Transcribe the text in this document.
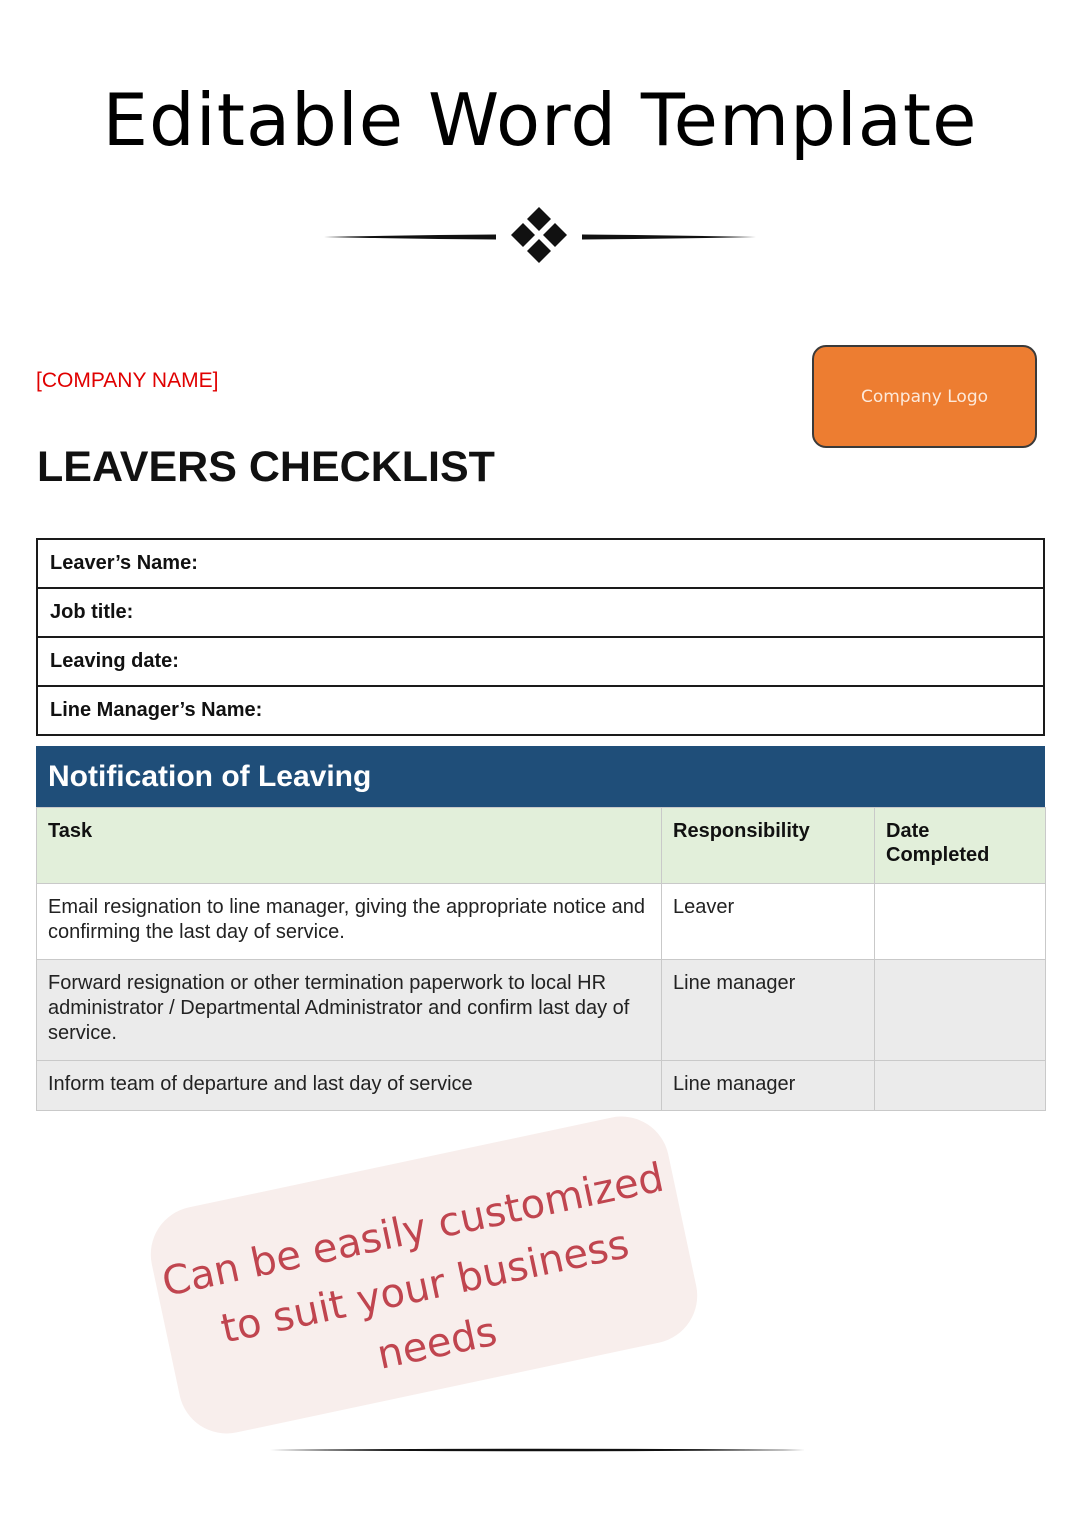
Editable Word Template
[COMPANY NAME]
Company Logo
LEAVERS CHECKLIST
Leaver’s Name:
Job title:
Leaving date:
Line Manager’s Name:
Notification of Leaving
Task	Responsibility	Date Completed
Email resignation to line manager, giving the appropriate notice and confirming the last day of service.	Leaver	
Forward resignation or other termination paperwork to local HR administrator / Departmental Administrator and confirm last day of service.	Line manager	
Inform team of departure and last day of service	Line manager	
Can be easily customized to suit your business needs
